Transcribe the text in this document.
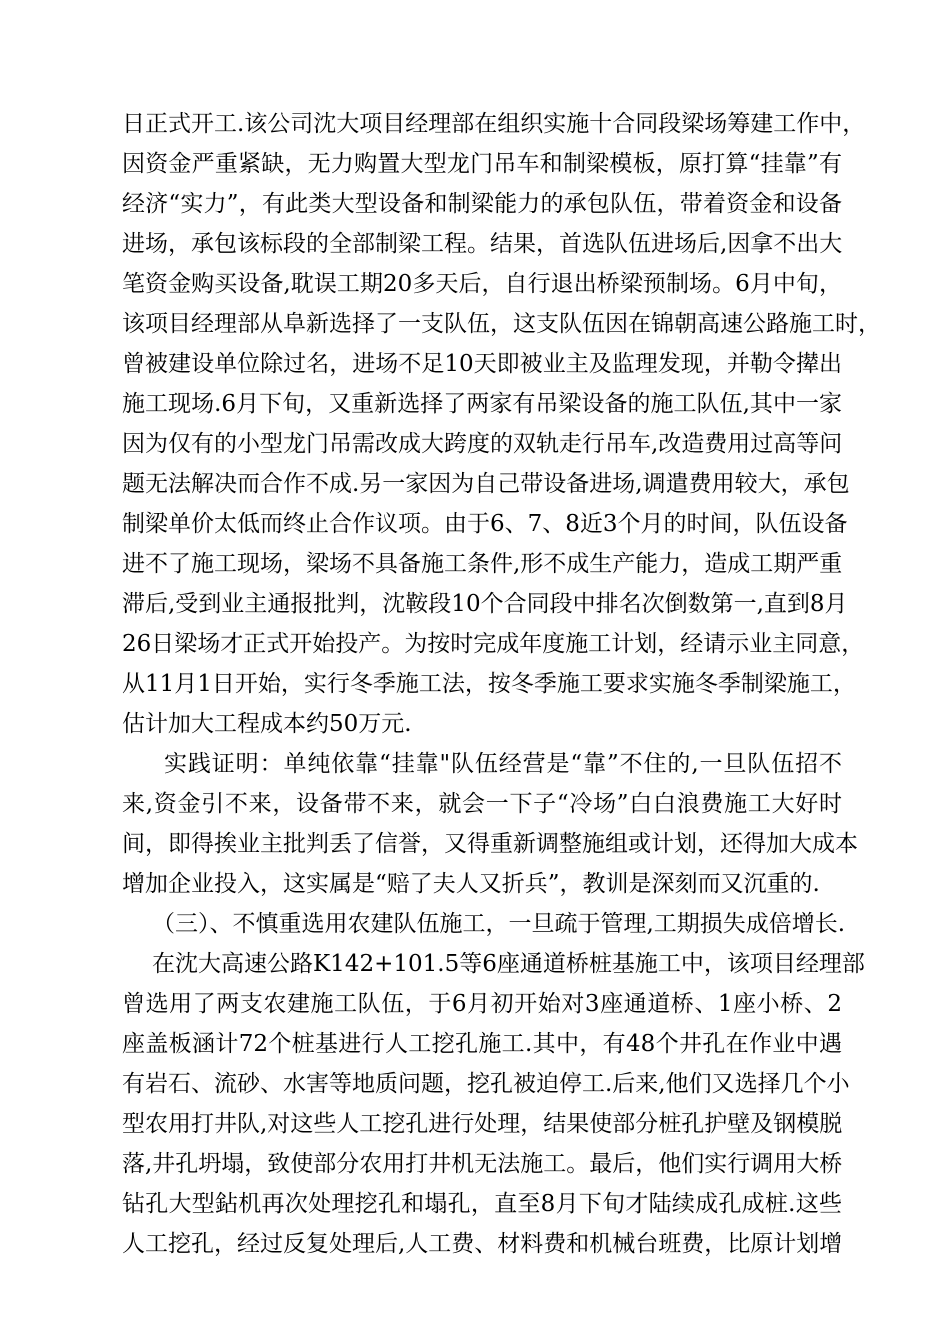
日正式开工.该公司沈大项目经理部在组织实施十合同段梁场筹建工作中，
因资金严重紧缺，无力购置大型龙门吊车和制梁模板，原打算“挂靠”有
经济“实力”，有此类大型设备和制梁能力的承包队伍，带着资金和设备
进场，承包该标段的全部制梁工程。结果，首选队伍进场后,因拿不出大
笔资金购买设备,耽误工期20多天后，自行退出桥梁预制场。6月中旬，
该项目经理部从阜新选择了一支队伍，这支队伍因在锦朝高速公路施工时，
曾被建设单位除过名，进场不足10天即被业主及监理发现，并勒令撵出
施工现场.6月下旬，又重新选择了两家有吊梁设备的施工队伍,其中一家
因为仅有的小型龙门吊需改成大跨度的双轨走行吊车,改造费用过高等问
题无法解决而合作不成.另一家因为自己带设备进场,调遣费用较大，承包
制梁单价太低而终止合作议项。由于6、7、8近3个月的时间，队伍设备
进不了施工现场，梁场不具备施工条件,形不成生产能力，造成工期严重
滞后,受到业主通报批判，沈鞍段10个合同段中排名次倒数第一,直到8月
26日梁场才正式开始投产。为按时完成年度施工计划，经请示业主同意，
从11月1日开始，实行冬季施工法，按冬季施工要求实施冬季制梁施工，
估计加大工程成本约50万元.
实践证明：单纯依靠“挂靠"队伍经营是“靠”不住的,一旦队伍招不
来,资金引不来，设备带不来，就会一下子“冷场”白白浪费施工大好时
间，即得挨业主批判丢了信誉，又得重新调整施组或计划，还得加大成本
增加企业投入，这实属是“赔了夫人又折兵”，教训是深刻而又沉重的.
（三）、不慎重选用农建队伍施工，一旦疏于管理,工期损失成倍增长.
在沈大高速公路K142+101.5等6座通道桥桩基施工中，该项目经理部
曾选用了两支农建施工队伍，于6月初开始对3座通道桥、1座小桥、2
座盖板涵计72个桩基进行人工挖孔施工.其中，有48个井孔在作业中遇
有岩石、流砂、水害等地质问题，挖孔被迫停工.后来,他们又选择几个小
型农用打井队,对这些人工挖孔进行处理，结果使部分桩孔护壁及钢模脱
落,井孔坍塌，致使部分农用打井机无法施工。最后，他们实行调用大桥
钻孔大型鉆机再次处理挖孔和塌孔，直至8月下旬才陆续成孔成桩.这些
人工挖孔，经过反复处理后,人工费、材料费和机械台班费，比原计划增
